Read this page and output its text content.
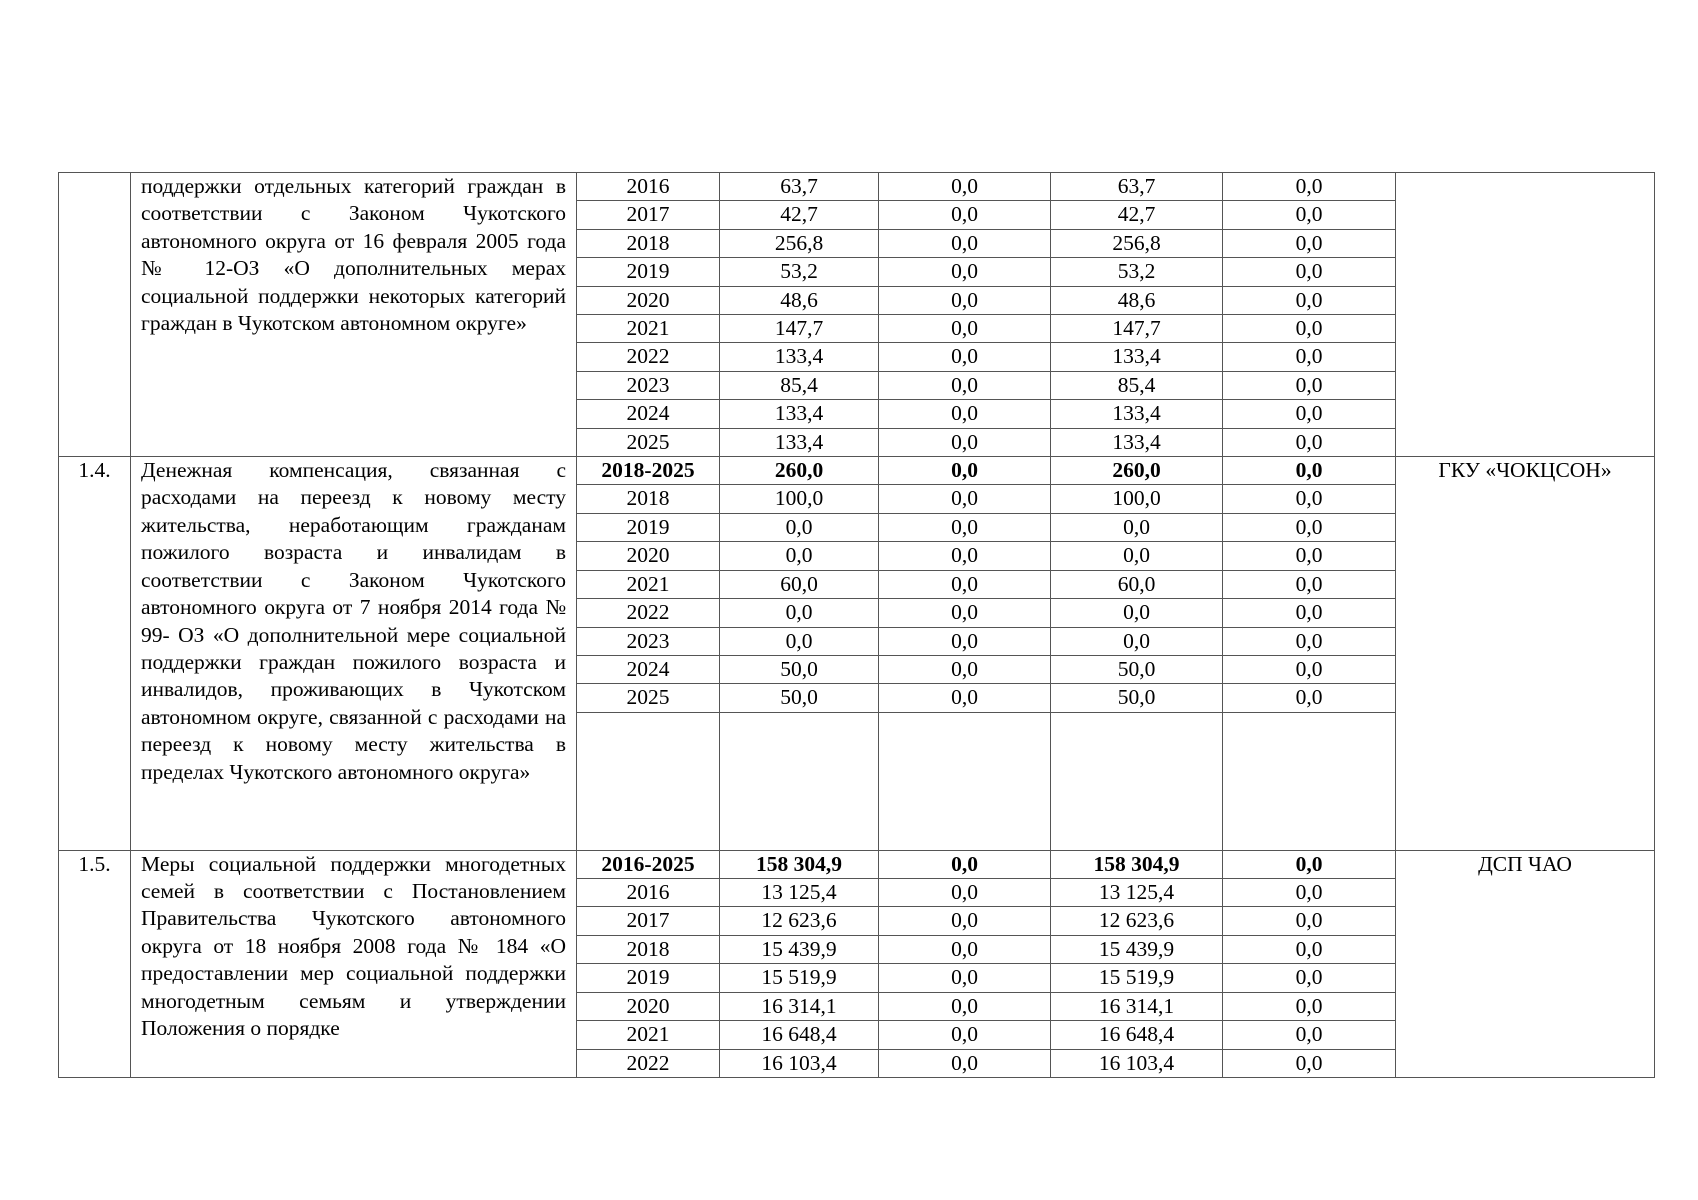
	поддержки отдельных категорий граждан в соответствии с Законом Чукотского автономного округа от 16 февраля 2005 года № 12-ОЗ «О дополнительных мерах социальной поддержки некоторых категорий граждан в Чукотском автономном округе»	2016	63,7	0,0	63,7	0,0	
		2017	42,7	0,0	42,7	0,0	
		2018	256,8	0,0	256,8	0,0	
		2019	53,2	0,0	53,2	0,0	
		2020	48,6	0,0	48,6	0,0	
		2021	147,7	0,0	147,7	0,0	
		2022	133,4	0,0	133,4	0,0	
		2023	85,4	0,0	85,4	0,0	
		2024	133,4	0,0	133,4	0,0	
		2025	133,4	0,0	133,4	0,0	
1.4.	Денежная компенсация, связанная с расходами на переезд к новому месту жительства, неработающим гражданам пожилого возраста и инвалидам в соответствии с Законом Чукотского автономного округа от 7 ноября 2014 года № 99- ОЗ «О дополнительной мере социальной поддержки граждан пожилого возраста и инвалидов, проживающих в Чукотском автономном округе, связанной с расходами на переезд к новому месту жительства в пределах Чукотского автономного округа»	2018-2025	260,0	0,0	260,0	0,0	ГКУ «ЧОКЦСОН»
		2018	100,0	0,0	100,0	0,0	
		2019	0,0	0,0	0,0	0,0	
		2020	0,0	0,0	0,0	0,0	
		2021	60,0	0,0	60,0	0,0	
		2022	0,0	0,0	0,0	0,0	
		2023	0,0	0,0	0,0	0,0	
		2024	50,0	0,0	50,0	0,0	
		2025	50,0	0,0	50,0	0,0	

1.5.	Меры социальной поддержки многодетных семей в соответствии с Постановлением Правительства Чукотского автономного округа от 18 ноября 2008 года № 184 «О предоставлении мер социальной поддержки многодетным семьям и утверждении Положения о порядке	2016-2025	158 304,9	0,0	158 304,9	0,0	ДСП ЧАО
		2016	13 125,4	0,0	13 125,4	0,0	
		2017	12 623,6	0,0	12 623,6	0,0	
		2018	15 439,9	0,0	15 439,9	0,0	
		2019	15 519,9	0,0	15 519,9	0,0	
		2020	16 314,1	0,0	16 314,1	0,0	
		2021	16 648,4	0,0	16 648,4	0,0	
		2022	16 103,4	0,0	16 103,4	0,0	
